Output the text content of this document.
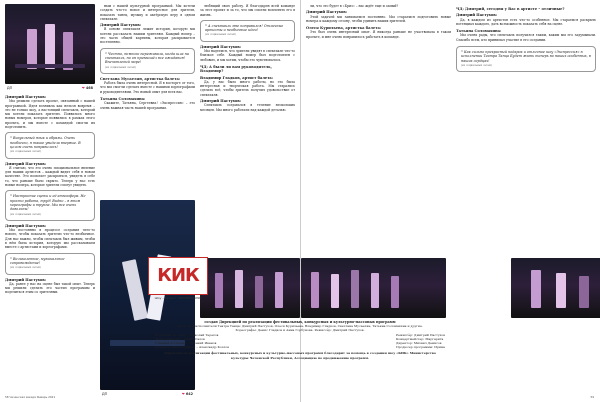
ДП	❤ 468
Дмитрий Пастухов:

Мы решили сделать проект, связанный с нашей программой. Идея возникла как нельзя вовремя – это не только шоу, а настоящий спектакль, который мы хотели показать зрителю. Появилось много новых номеров, которые появились в рамках этого проекта, и мы вместе с командой смогли их подготовить.

“ Визуальный язык и образы. Очень необычно, я такое увидела впервые. В целом очень понравилось!
(из социальных сетей)
Дмитрий Пастухов:

Я считаю, что это очень эмоциональное явление для наших артистов – каждый видит себя в новом качестве. Это помогает раскрыться, увидеть в себе то, что раньше было скрыто. Теперь у нас есть новые номера, которые зрители смогут увидеть.

“ Настроение сцены и её атмосфера. Не просто работа, труд! Видно – в этом хореографы и труппа. Мы все очень довольны!
(из социальных сетей)
Дмитрий Пастухов:

Мы постоянно в процессе создания чего-то нового, чтобы показать зрителю что-то необычное. Для нас важно, чтобы спектакль был живым, чтобы в нём была история, которую мы рассказываем вместе с артистами и хореографами.

“ Великолепное, музыкальное сопровождение!
(из социальных сетей)
Дмитрий Пастухов:

Да, ранее у нас на сцене был такой опыт. Теперь мы решили сделать это частью программы и поделиться этим со зрителями.

ным с нашей культурной программой. Мы хотели создать что-то новое и интересное для зрителя, показать танец, музыку и актёрскую игру в одном спектакле.

Дмитрий Пастухов:

В основе спектакля лежит история, которую мы хотели рассказать нашим зрителям. Каждый номер – это часть общей картины, которая раскрывается постепенно.

“ Честно, немного переживала, когда шла на спектакль, но он превзошёл все ожидания! Впечатлений море!
(из социальных сетей)
Светлана Мусаелян, артистка балета:

Работа была очень интересной. Я в восторге от того, что мы смогли сделать вместе с нашими хореографами и руководителями. Это новый опыт для всех нас.

Татьяна Соломахина:

Скажите, Татьяна, Сергеевна! «Экспрессия» – это очень важная часть нашей программы.

ДП	❤ 642

любящий свою работу. Я благодарен всей команде за этот проект и за то, что мы смогли воплотить его в жизнь.

“ А спектакль мне понравился! Отличные артисты и необычные идеи!
(из социальных сетей)
Дмитрий Пастухов:

Мы надеемся, что зрители увидят в спектакле что-то близкое себе. Каждый номер был подготовлен с любовью, и мы хотим, чтобы это чувствовалось.

ЧД: А были ли вам руководитель, Владимир?
Владимир Гладков, артист балета:

Да, у нас было много работы, но это была интересная и творческая работа. Мы старались сделать всё, чтобы зритель получил удовольствие от спектакля.

Дмитрий Пастухов:

Спектакль создавался в течение нескольких месяцев. Мы много работали над каждой деталью.

58 Чеченская звезда Январь 2021

ли, что это будет в «Бриз» – нас ждёт еще и самый?

Дмитрий Пастухов:

Этой задачей мы занимаемся постоянно. Мы стараемся подготовить новые номера к каждому сезону, чтобы удивить наших зрителей.

Олеся Курильева, артистка балета:

Это был очень интересный опыт. Я никогда раньше не участвовала в таком проекте, и мне очень понравилось работать в команде.

ЧД: Дмитрий, сегодня у Вас в артисте – отличные?
Дмитрий Пастухов:

Да, в каждом из артистов есть что-то особенное. Мы стараемся раскрыть потенциал каждого, дать возможность показать себя на сцене.

Татьяна Соломахина:

Мы очень рады, что спектакль получился таким, каким мы его задумывали. Спасибо всем, кто принимал участие в его создании.

“ Как сильно прекрасный подарок и отличное шоу «Экспрессия» в исполнении Театра Танца Будет жить теперь во наших особенных, в наших сердцах!
(из социальных сетей)
59
КИК
Шоу – проект «ЭКСПРЕССИЯ»
создан Дирекцией по реализации фестивальных, конкурсных и культурно-массовых программ

Артисты и исполнители Театра Танца: Дмитрий Пастухов, Олеся Курильева, Владимир Гладков, Светлана Мусаелян, Татьяна Соломахина и другие.

Хореографы: Денис Гладков и Анна Горбунова. Режиссёр: Дмитрий Пастухов.

Художник по свету – Николай Терехов

Звукорежиссёр – Денис Салов

Главный костюмер – Евгений Иванов

Дизайнер видеографики – Александр Козлов

Режиссёр: Дмитрий Пастухов

Концертмейстер: Маргарита

Директор: Михаил Денисов

Продюсер программы: Ирина

Дирекция по реализации фестивальных, конкурсных и культурно-массовых программ благодарит за помощь в создании шоу «КИК» Министерство культуры Чеченской Республики, Ассоциацию по продвижению программ.
